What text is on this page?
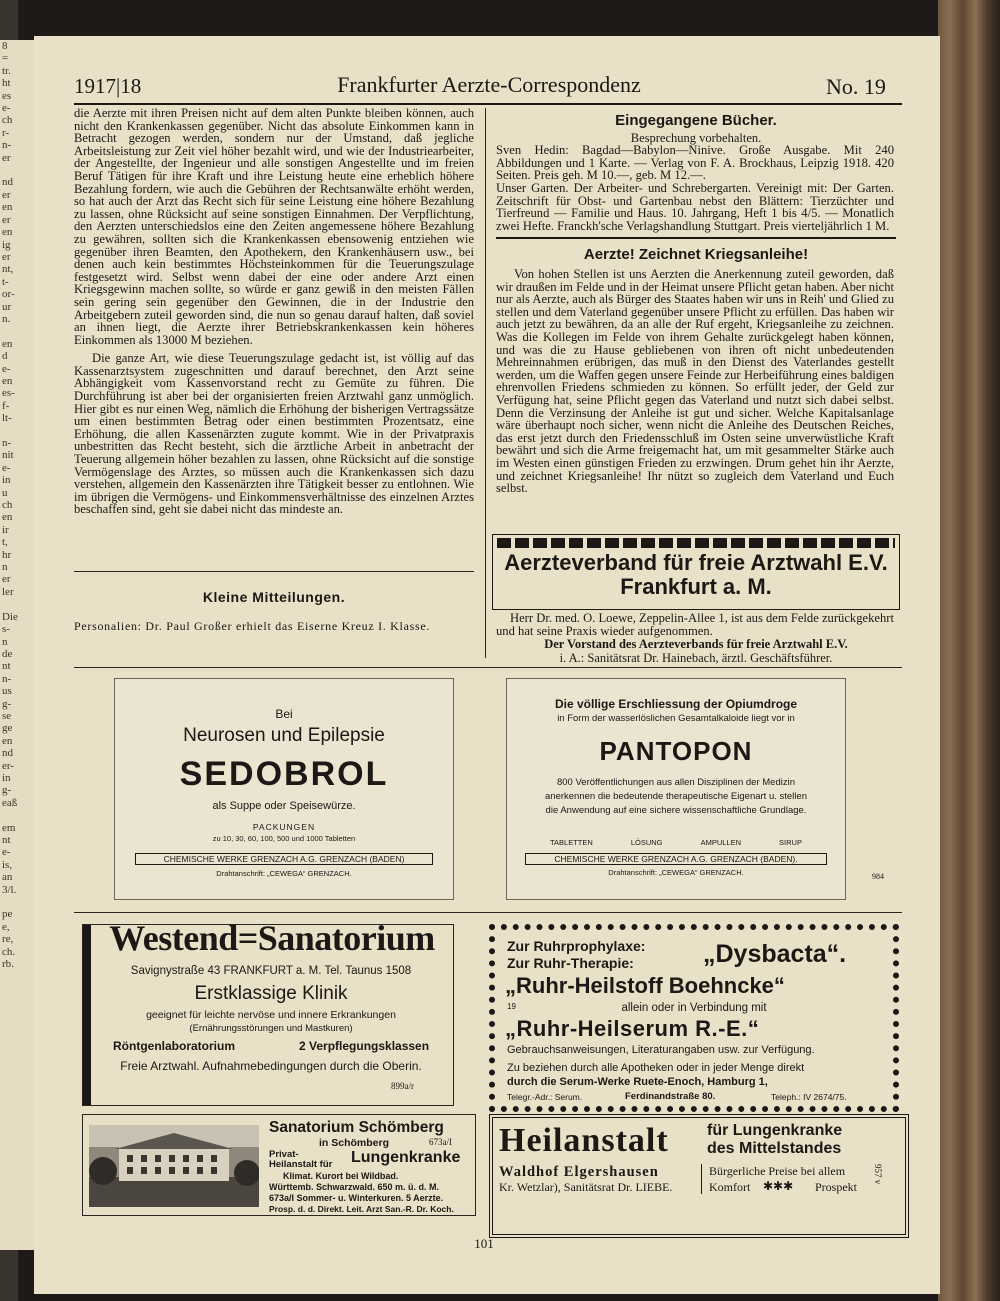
8
=
tr.
ht
es
e-
ch
r-
n-
er

nd
er
en
er
en
ig
er
nt,
t-
or-
ur
n.

en
d
e-
en
es-
f-
lt-

n-
nit
e-
in
u
ch
en
ir
t,
hr
n
er
ler

Die
s-
n
de
nt
n-
us
g-
se
ge
en
nd
er-
in
g-
eaß

em
nt
e-
is,
an
3/l.

pe
e,
re,
ch.
rb.
1917|18	Frankfurter Aerzte-Correspondenz	No. 19

die Aerzte mit ihren Preisen nicht auf dem alten Punkte bleiben können, auch nicht den Krankenkassen gegenüber. Nicht das absolute Einkommen kann in Betracht gezogen werden, sondern nur der Umstand, daß jegliche Arbeitsleistung zur Zeit viel höher bezahlt wird, und wie der Industriearbeiter, der Angestellte, der Ingenieur und alle sonstigen Angestellte und im freien Beruf Tätigen für ihre Kraft und ihre Leistung heute eine erheblich höhere Bezahlung fordern, wie auch die Gebühren der Rechtsanwälte erhöht werden, so hat auch der Arzt das Recht sich für seine Leistung eine höhere Bezahlung zu lassen, ohne Rücksicht auf seine sonstigen Einnahmen. Der Verpflichtung, den Aerzten unterschiedslos eine den Zeiten angemessene höhere Bezahlung zu gewähren, sollten sich die Krankenkassen ebensowenig entziehen wie gegenüber ihren Beamten, den Apothekern, den Krankenhäusern usw., bei denen auch kein bestimmtes Höchsteinkommen für die Teuerungszulage festgesetzt wird. Selbst wenn dabei der eine oder andere Arzt einen Kriegsgewinn machen sollte, so würde er ganz gewiß in den meisten Fällen sein gering sein gegenüber den Gewinnen, die in der Industrie den Arbeitgebern zuteil geworden sind, die nun so genau darauf halten, daß soviel an ihnen liegt, die Aerzte ihrer Betriebskrankenkassen kein höheres Einkommen als 13000 M beziehen.

Die ganze Art, wie diese Teuerungszulage gedacht ist, ist völlig auf das Kassenarztsystem zugeschnitten und darauf berechnet, den Arzt seine Abhängigkeit vom Kassenvorstand recht zu Gemüte zu führen. Die Durchführung ist aber bei der organisierten freien Arztwahl ganz unmöglich. Hier gibt es nur einen Weg, nämlich die Erhöhung der bisherigen Vertragssätze um einen bestimmten Betrag oder einen bestimmten Prozentsatz, eine Erhöhung, die allen Kassenärzten zugute kommt. Wie in der Privatpraxis unbestritten das Recht besteht, sich die ärztliche Arbeit in anbetracht der Teuerung allgemein höher bezahlen zu lassen, ohne Rücksicht auf die sonstige Vermögenslage des Arztes, so müssen auch die Krankenkassen sich dazu verstehen, allgemein den Kassenärzten ihre Tätigkeit besser zu entlohnen. Wie im übrigen die Vermögens- und Einkommensverhältnisse des einzelnen Arztes beschaffen sind, geht sie dabei nicht das mindeste an.

Kleine Mitteilungen.
Personalien: Dr. Paul Großer erhielt das Eiserne Kreuz I. Klasse.
Eingegangene Bücher.
Besprechung vorbehalten.
Sven Hedin: Bagdad—Babylon—Ninive. Große Ausgabe. Mit 240 Abbildungen und 1 Karte. — Verlag von F. A. Brockhaus, Leipzig 1918. 420 Seiten. Preis geh. M 10.—, geb. M 12.—.
Unser Garten. Der Arbeiter- und Schrebergarten. Vereinigt mit: Der Garten. Zeitschrift für Obst- und Gartenbau nebst den Blättern: Tierzüchter und Tierfreund — Familie und Haus. 10. Jahrgang, Heft 1 bis 4/5. — Monatlich zwei Hefte. Franckh'sche Verlagshandlung Stuttgart. Preis vierteljährlich 1 M.
Aerzte! Zeichnet Kriegsanleihe!
Von hohen Stellen ist uns Aerzten die Anerkennung zuteil geworden, daß wir draußen im Felde und in der Heimat unsere Pflicht getan haben. Aber nicht nur als Aerzte, auch als Bürger des Staates haben wir uns in Reih' und Glied zu stellen und dem Vaterland gegenüber unsere Pflicht zu erfüllen. Das haben wir auch jetzt zu bewähren, da an alle der Ruf ergeht, Kriegsanleihe zu zeichnen. Was die Kollegen im Felde von ihrem Gehalte zurückgelegt haben können, und was die zu Hause gebliebenen von ihren oft nicht unbedeutenden Mehreinnahmen erübrigen, das muß in den Dienst des Vaterlandes gestellt werden, um die Waffen gegen unsere Feinde zur Herbeiführung eines baldigen ehrenvollen Friedens schmieden zu können. So erfüllt jeder, der Geld zur Verfügung hat, seine Pflicht gegen das Vaterland und nutzt sich dabei selbst. Denn die Verzinsung der Anleihe ist gut und sicher. Welche Kapitalsanlage wäre überhaupt noch sicher, wenn nicht die Anleihe des Deutschen Reiches, das erst jetzt durch den Friedensschluß im Osten seine unverwüstliche Kraft bewährt und sich die Arme freigemacht hat, um mit gesammelter Stärke auch im Westen einen günstigen Frieden zu erzwingen. Drum gehet hin ihr Aerzte, und zeichnet Kriegsanleihe! Ihr nützt so zugleich dem Vaterland und Euch selbst.
Aerzteverband für freie Arztwahl E.V.
Frankfurt a. M.
Herr Dr. med. O. Loewe, Zeppelin-Allee 1, ist aus dem Felde zurückgekehrt und hat seine Praxis wieder aufgenommen.
Der Vorstand des Aerzteverbands für freie Arztwahl E.V.
i. A.: Sanitätsrat Dr. Hainebach, ärztl. Geschäftsführer.
Bei
Neurosen und Epilepsie
SEDOBROL
als Suppe oder Speisewürze.
PACKUNGEN
zu 10, 30, 60, 100, 500 und 1000 Tabletten
CHEMISCHE WERKE GRENZACH A.G. GRENZACH (BADEN)
Drahtanschrift: „CEWEGA“ GRENZACH.
Die völlige Erschliessung der Opiumdroge
in Form der wasserlöslichen Gesamtalkaloide liegt vor in
PANTOPON
800 Veröffentlichungen aus allen Disziplinen der Medizin
anerkennen die bedeutende therapeutische Eigenart u. stellen
die Anwendung auf eine sichere wissenschaftliche Grundlage.
TABLETTEN	LÖSUNG	AMPULLEN	SIRUP
CHEMISCHE WERKE GRENZACH A.G. GRENZACH (BADEN).
Drahtanschrift: „CEWEGA“ GRENZACH.	984
Westend=Sanatorium
Savignystraße 43 FRANKFURT a. M. Tel. Taunus 1508
Erstklassige Klinik
geeignet für leichte nervöse und innere Erkrankungen
(Ernährungsstörungen und Mastkuren)
Röntgenlaboratorium	2 Verpflegungsklassen
Freie Arztwahl. Aufnahmebedingungen durch die Oberin.
899a/r
Zur Ruhrprophylaxe:
Zur Ruhr-Therapie:	„Dysbacta“.
„Ruhr-Heilstoff Boehncke“
19	allein oder in Verbindung mit
„Ruhr-Heilserum R.-E.“
Gebrauchsanweisungen, Literaturangaben usw. zur Verfügung.
Zu beziehen durch alle Apotheken oder in jeder Menge direkt
durch die Serum-Werke Ruete-Enoch, Hamburg 1,
Telegr.-Adr.: Serum.	Ferdinandstraße 80.	Teleph.: IV 2674/75.
Sanatorium Schömberg
in Schömberg	673a/I
Privat- Heilanstalt für	Lungenkranke
Klimat. Kurort bei Wildbad.
Württemb. Schwarzwald. 650 m. ü. d. M.
673a/I Sommer- u. Winterkuren. 5 Aerzte.
Prosp. d. d. Direkt. Leit. Arzt San.-R. Dr. Koch.
Heilanstalt für Lungenkranke
des Mittelstandes
Waldhof Elgershausen
Kr. Wetzlar), Sanitätsrat Dr. LIEBE.
Bürgerliche Preise bei allem
Komfort ✱✱✱ Prospekt
957 v
101
